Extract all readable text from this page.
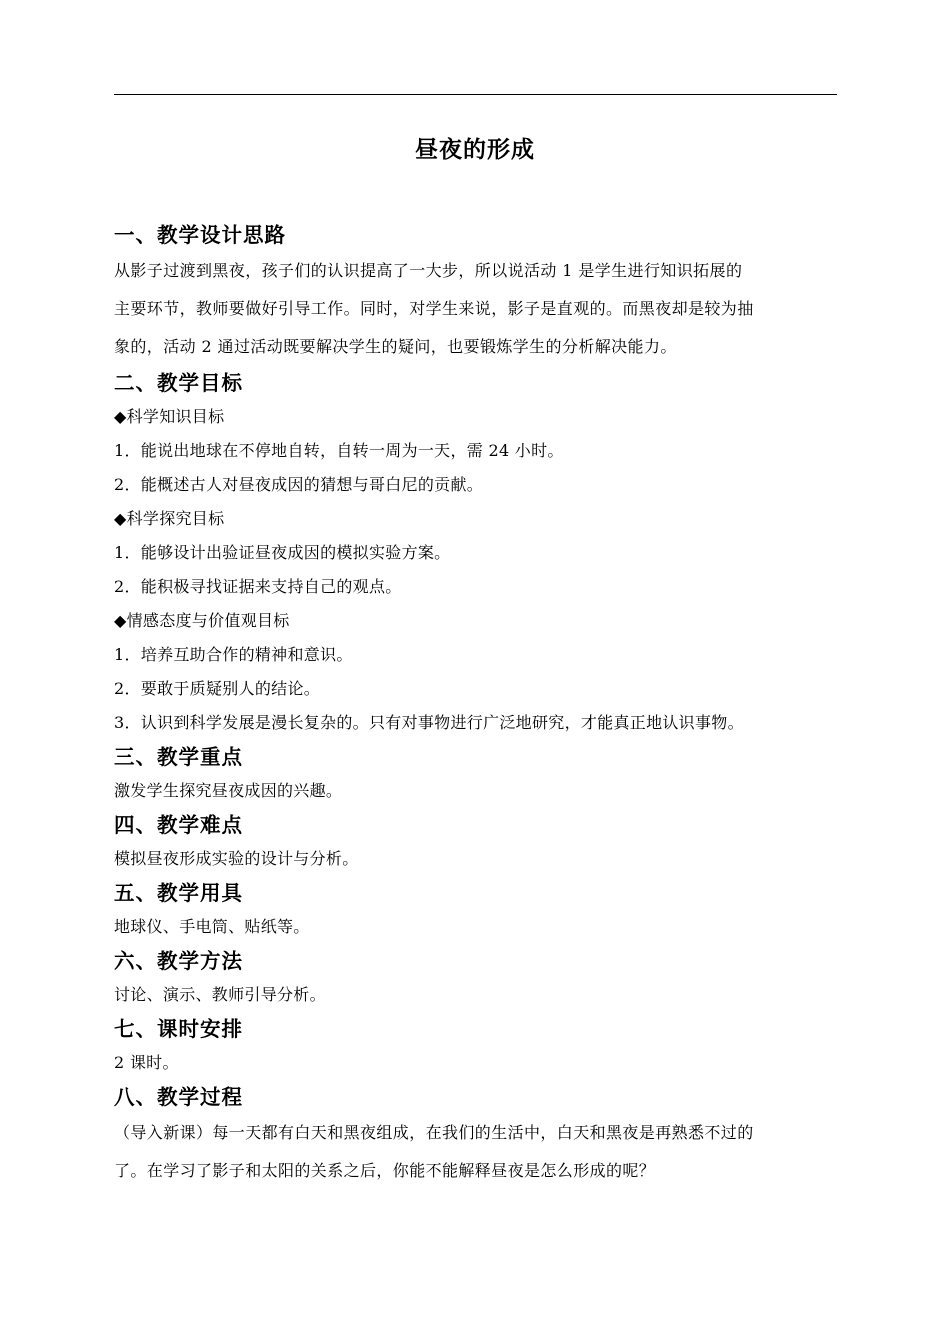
昼夜的形成
一、教学设计思路
从影子过渡到黑夜，孩子们的认识提高了一大步，所以说活动 1 是学生进行知识拓展的
主要环节，教师要做好引导工作。同时，对学生来说，影子是直观的。而黑夜却是较为抽
象的，活动 2 通过活动既要解决学生的疑问，也要锻炼学生的分析解决能力。
二、教学目标
◆科学知识目标
1．能说出地球在不停地自转，自转一周为一天，需 24 小时。
2．能概述古人对昼夜成因的猜想与哥白尼的贡献。
◆科学探究目标
1．能够设计出验证昼夜成因的模拟实验方案。
2．能积极寻找证据来支持自己的观点。
◆情感态度与价值观目标
1．培养互助合作的精神和意识。
2．要敢于质疑别人的结论。
3．认识到科学发展是漫长复杂的。只有对事物进行广泛地研究，才能真正地认识事物。
三、教学重点
激发学生探究昼夜成因的兴趣。
四、教学难点
模拟昼夜形成实验的设计与分析。
五、教学用具
地球仪、手电筒、贴纸等。
六、教学方法
讨论、演示、教师引导分析。
七、课时安排
2 课时。
八、教学过程
（导入新课）每一天都有白天和黑夜组成，在我们的生活中，白天和黑夜是再熟悉不过的
了。在学习了影子和太阳的关系之后，你能不能解释昼夜是怎么形成的呢？
